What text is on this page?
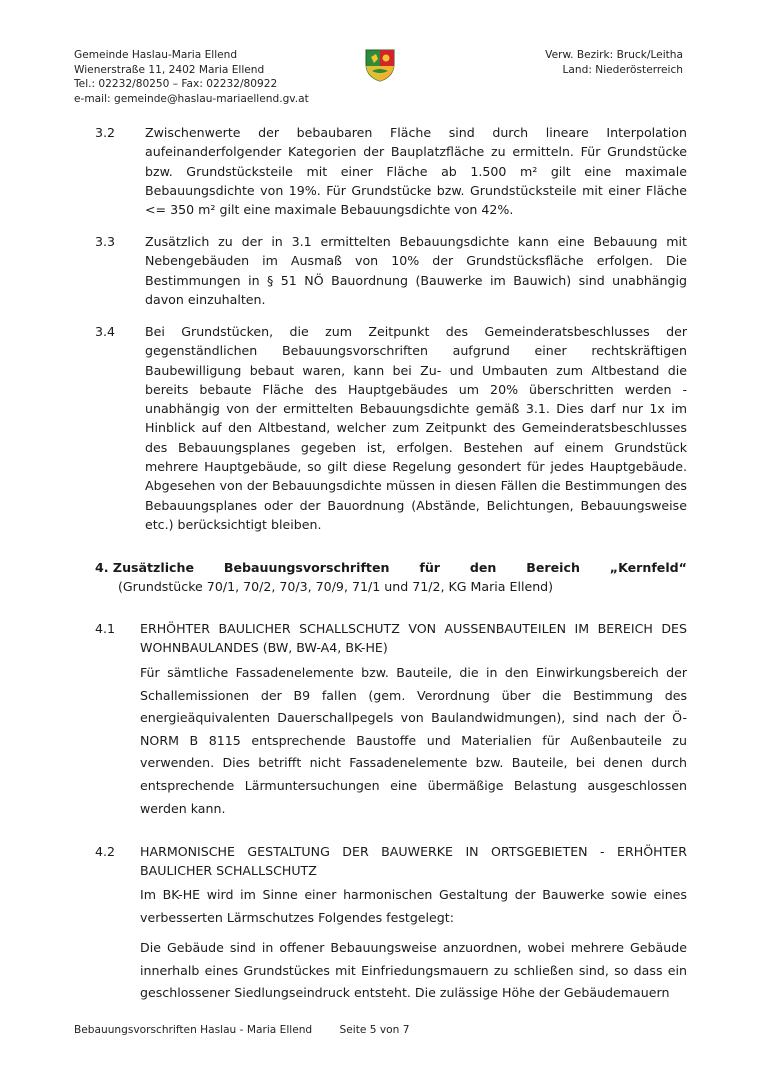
Gemeinde Haslau-Maria Ellend
Wienerstraße 11, 2402 Maria Ellend
Tel.: 02232/80250 – Fax: 02232/80922
e-mail: gemeinde@haslau-mariaellend.gv.at
Verw. Bezirk: Bruck/Leitha
Land: Niederösterreich
3.2 Zwischenwerte der bebaubaren Fläche sind durch lineare Interpolation aufeinanderfolgender Kategorien der Bauplatzfläche zu ermitteln. Für Grundstücke bzw. Grundstücksteile mit einer Fläche ab 1.500 m² gilt eine maximale Bebauungsdichte von 19%. Für Grundstücke bzw. Grundstücksteile mit einer Fläche <= 350 m² gilt eine maximale Bebauungsdichte von 42%.
3.3 Zusätzlich zu der in 3.1 ermittelten Bebauungsdichte kann eine Bebauung mit Nebengebäuden im Ausmaß von 10% der Grundstücksfläche erfolgen. Die Bestimmungen in § 51 NÖ Bauordnung (Bauwerke im Bauwich) sind unabhängig davon einzuhalten.
3.4 Bei Grundstücken, die zum Zeitpunkt des Gemeinderatsbeschlusses der gegenständlichen Bebauungsvorschriften aufgrund einer rechtskräftigen Baubewilligung bebaut waren, kann bei Zu- und Umbauten zum Altbestand die bereits bebaute Fläche des Hauptgebäudes um 20% überschritten werden - unabhängig von der ermittelten Bebauungsdichte gemäß 3.1. Dies darf nur 1x im Hinblick auf den Altbestand, welcher zum Zeitpunkt des Gemeinderatsbeschlusses des Bebauungsplanes gegeben ist, erfolgen. Bestehen auf einem Grundstück mehrere Hauptgebäude, so gilt diese Regelung gesondert für jedes Hauptgebäude. Abgesehen von der Bebauungsdichte müssen in diesen Fällen die Bestimmungen des Bebauungsplanes oder der Bauordnung (Abstände, Belichtungen, Bebauungsweise etc.) berücksichtigt bleiben.
4. Zusätzliche Bebauungsvorschriften für den Bereich „Kernfeld“
(Grundstücke 70/1, 70/2, 70/3, 70/9, 71/1 und 71/2, KG Maria Ellend)
4.1 ERHÖHTER BAULICHER SCHALLSCHUTZ VON AUSSENBAUTEILEN IM BEREICH DES WOHNBAULANDES (BW, BW-A4, BK-HE)
Für sämtliche Fassadenelemente bzw. Bauteile, die in den Einwirkungsbereich der Schallemissionen der B9 fallen (gem. Verordnung über die Bestimmung des energieäquivalenten Dauerschallpegels von Baulandwidmungen), sind nach der Ö-NORM B 8115 entsprechende Baustoffe und Materialien für Außenbauteile zu verwenden. Dies betrifft nicht Fassadenelemente bzw. Bauteile, bei denen durch entsprechende Lärmuntersuchungen eine übermäßige Belastung ausgeschlossen werden kann.
4.2 HARMONISCHE GESTALTUNG DER BAUWERKE IN ORTSGEBIETEN - ERHÖHTER BAULICHER SCHALLSCHUTZ
Im BK-HE wird im Sinne einer harmonischen Gestaltung der Bauwerke sowie eines verbesserten Lärmschutzes Folgendes festgelegt:
Die Gebäude sind in offener Bebauungsweise anzuordnen, wobei mehrere Gebäude innerhalb eines Grundstückes mit Einfriedungsmauern zu schließen sind, so dass ein geschlossener Siedlungseindruck entsteht. Die zulässige Höhe der Gebäudemauern
Bebauungsvorschriften Haslau - Maria Ellend	Seite 5 von 7
